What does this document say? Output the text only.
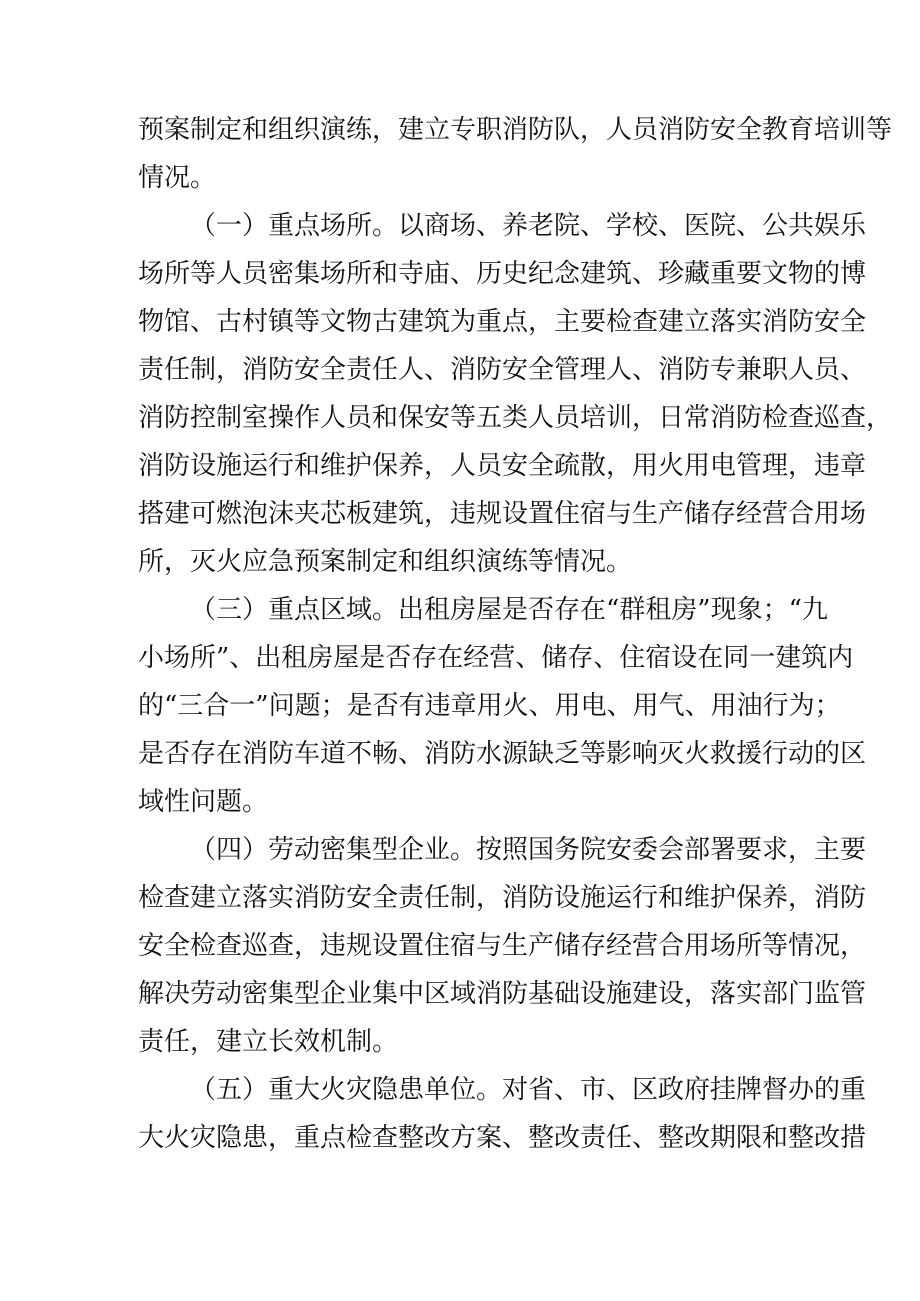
预案制定和组织演练，建立专职消防队，人员消防安全教育培训等
情况。
（一）重点场所。以商场、养老院、学校、医院、公共娱乐
场所等人员密集场所和寺庙、历史纪念建筑、珍藏重要文物的博
物馆、古村镇等文物古建筑为重点，主要检查建立落实消防安全
责任制，消防安全责任人、消防安全管理人、消防专兼职人员、
消防控制室操作人员和保安等五类人员培训，日常消防检查巡查，
消防设施运行和维护保养，人员安全疏散，用火用电管理，违章
搭建可燃泡沫夹芯板建筑，违规设置住宿与生产储存经营合用场
所，灭火应急预案制定和组织演练等情况。
（三）重点区域。出租房屋是否存在“群租房”现象；“九
小场所”、出租房屋是否存在经营、储存、住宿设在同一建筑内
的“三合一”问题；是否有违章用火、用电、用气、用油行为；
是否存在消防车道不畅、消防水源缺乏等影响灭火救援行动的区
域性问题。
（四）劳动密集型企业。按照国务院安委会部署要求，主要
检查建立落实消防安全责任制，消防设施运行和维护保养，消防
安全检查巡查，违规设置住宿与生产储存经营合用场所等情况，
解决劳动密集型企业集中区域消防基础设施建设，落实部门监管
责任，建立长效机制。
（五）重大火灾隐患单位。对省、市、区政府挂牌督办的重
大火灾隐患，重点检查整改方案、整改责任、整改期限和整改措
